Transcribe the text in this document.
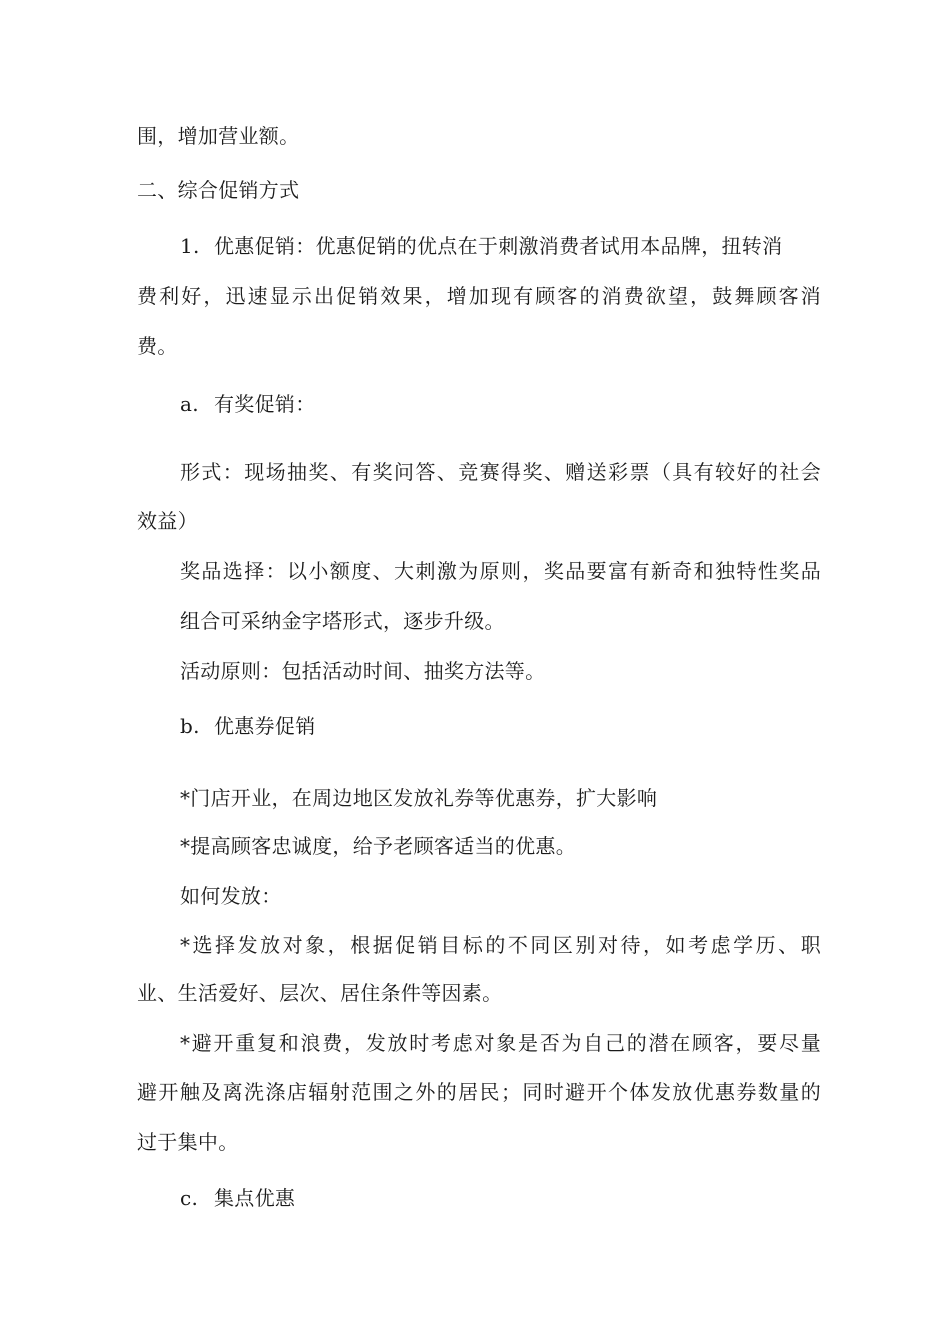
围，增加营业额。
二、综合促销方式
1. 优惠促销：优惠促销的优点在于刺激消费者试用本品牌，扭转消
费利好，迅速显示出促销效果，增加现有顾客的消费欲望，鼓舞顾客消
费。
a. 有奖促销：
形式：现场抽奖、有奖问答、竞赛得奖、赠送彩票（具有较好的社会
效益）
奖品选择：以小额度、大刺激为原则，奖品要富有新奇和独特性奖品
组合可采纳金字塔形式，逐步升级。
活动原则：包括活动时间、抽奖方法等。
b. 优惠券促销
*门店开业，在周边地区发放礼券等优惠券，扩大影响
*提高顾客忠诚度，给予老顾客适当的优惠。
如何发放：
*选择发放对象，根据促销目标的不同区别对待，如考虑学历、职
业、生活爱好、层次、居住条件等因素。
*避开重复和浪费，发放时考虑对象是否为自己的潜在顾客，要尽量
避开触及离洗涤店辐射范围之外的居民；同时避开个体发放优惠券数量的
过于集中。
c. 集点优惠
